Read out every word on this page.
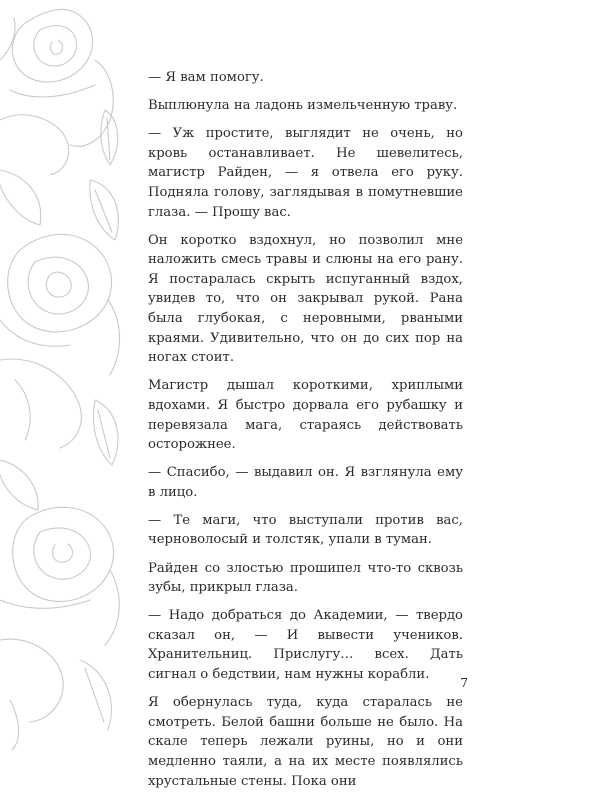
— Я вам помогу.

Выплюнула на ладонь измельченную траву.

— Уж простите, выглядит не очень, но кровь останавливает. Не шевелитесь, магистр Райден, — я отвела его руку. Подняла голову, заглядывая в помутневшие глаза. — Прошу вас.

Он коротко вздохнул, но позволил мне наложить смесь травы и слюны на его рану. Я постаралась скрыть испуганный вздох, увидев то, что он закрывал рукой. Рана была глубокая, с неровными, рваными краями. Удивительно, что он до сих пор на ногах стоит.

Магистр дышал короткими, хриплыми вдохами. Я быстро дорвала его рубашку и перевязала мага, стараясь действовать осторожнее.

— Спасибо, — выдавил он. Я взглянула ему в лицо.

— Те маги, что выступали против вас, черноволосый и толстяк, упали в туман.

Райден со злостью прошипел что-то сквозь зубы, прикрыл глаза.

— Надо добраться до Академии, — твердо сказал он, — И вывести учеников. Хранительниц. Прислугу… всех. Дать сигнал о бедствии, нам нужны корабли.

Я обернулась туда, куда старалась не смотреть. Белой башни больше не было. На скале теперь лежали руины, но и они медленно таяли, а на их месте появлялись хрустальные стены. Пока они

7
